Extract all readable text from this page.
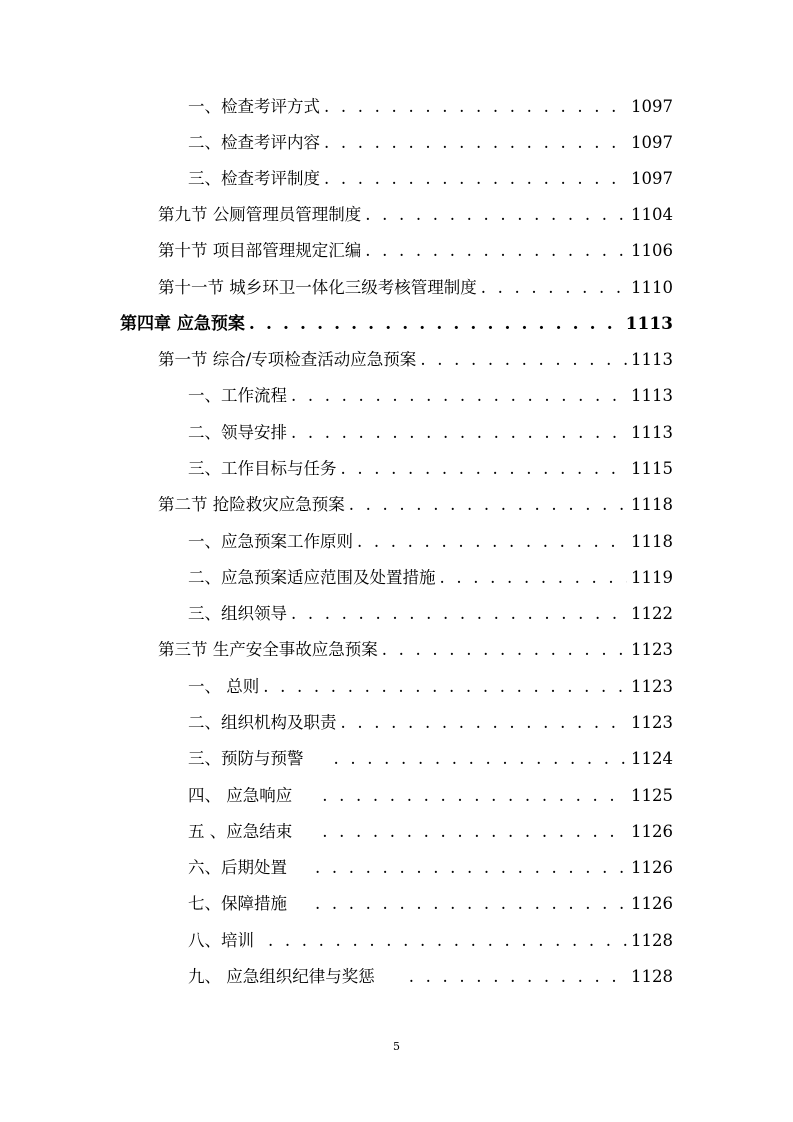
一、检查考评方式 . . .	1097
二、检查考评内容 . . .	1097
三、检查考评制度 . . .	1097
第九节 公厕管理员管理制度 . . .	1104
第十节 项目部管理规定汇编 . . .	1106
第十一节 城乡环卫一体化三级考核管理制度 . . .	1110
第四章 应急预案 . . .	1113
第一节 综合/专项检查活动应急预案 . . .	1113
一、工作流程 . . .	1113
二、领导安排 . . .	1113
三、工作目标与任务 . . .	1115
第二节 抢险救灾应急预案 . . .	1118
一、应急预案工作原则 . . .	1118
二、应急预案适应范围及处置措施 . . .	1119
三、组织领导 . . .	1122
第三节 生产安全事故应急预案 . . .	1123
一、 总则 . . .	1123
二、组织机构及职责 . . .	1123
三、预防与预警 . . .	1124
四、 应急响应 . . .	1125
五 、应急结束 . . .	1126
六、后期处置 . . .	1126
七、保障措施 . . .	1126
八、培训 . . .	1128
九、 应急组织纪律与奖惩 . . .	1128
5
